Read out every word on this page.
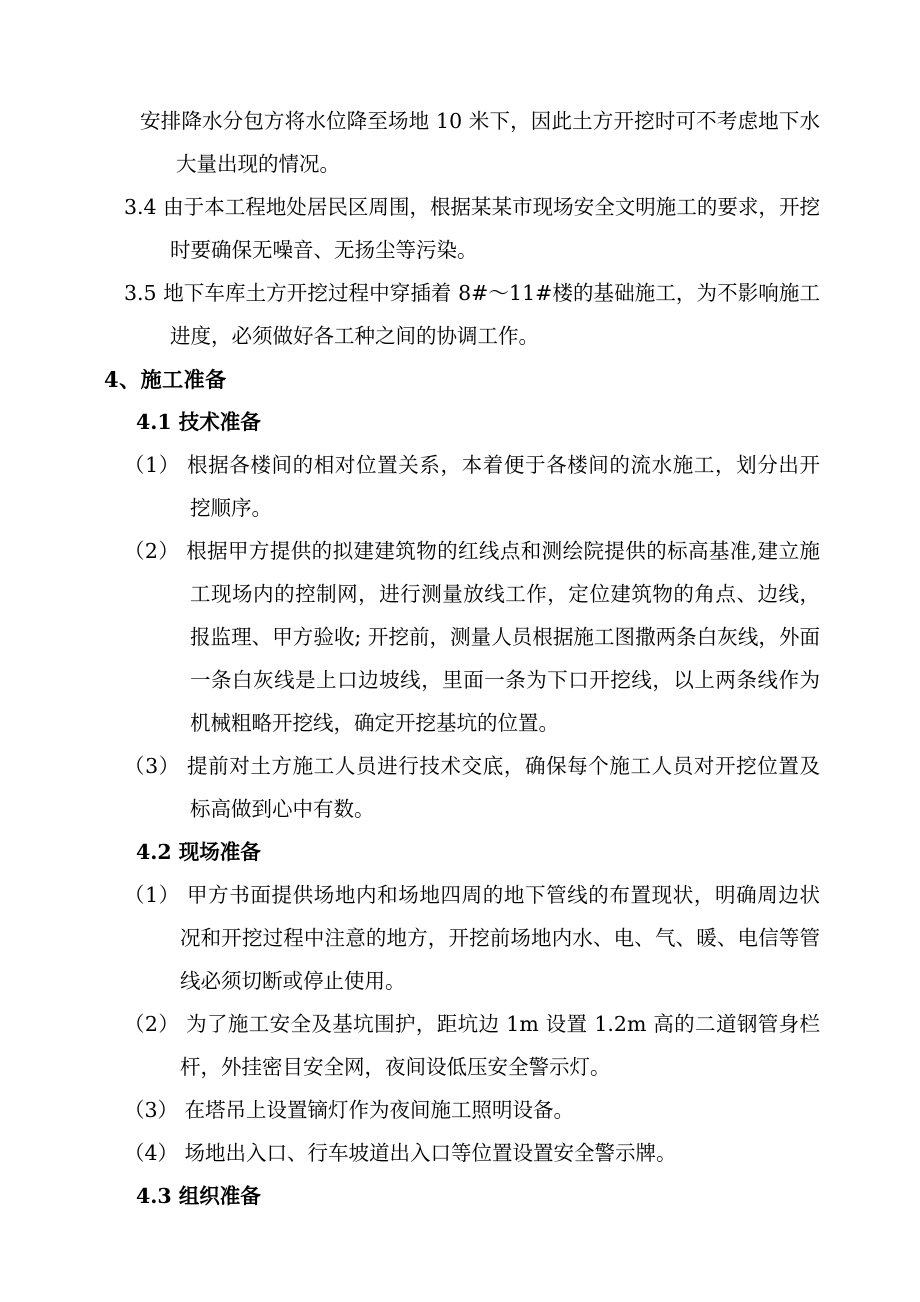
安排降水分包方将水位降至场地 10 米下，因此土方开挖时可不考虑地下水大量出现的情况。

3.4 由于本工程地处居民区周围，根据某某市现场安全文明施工的要求，开挖时要确保无噪音、无扬尘等污染。

3.5 地下车库土方开挖过程中穿插着 8#～11#楼的基础施工，为不影响施工进度，必须做好各工种之间的协调工作。

4、施工准备

4.1 技术准备

（1） 根据各楼间的相对位置关系，本着便于各楼间的流水施工，划分出开挖顺序。

（2） 根据甲方提供的拟建建筑物的红线点和测绘院提供的标高基准,建立施工现场内的控制网，进行测量放线工作，定位建筑物的角点、边线，报监理、甲方验收; 开挖前，测量人员根据施工图撒两条白灰线，外面一条白灰线是上口边坡线，里面一条为下口开挖线，以上两条线作为机械粗略开挖线，确定开挖基坑的位置。

（3） 提前对土方施工人员进行技术交底，确保每个施工人员对开挖位置及标高做到心中有数。

4.2 现场准备

（1） 甲方书面提供场地内和场地四周的地下管线的布置现状，明确周边状况和开挖过程中注意的地方，开挖前场地内水、电、气、暖、电信等管线必须切断或停止使用。

（2） 为了施工安全及基坑围护，距坑边 1m 设置 1.2m 高的二道钢管身栏杆，外挂密目安全网，夜间设低压安全警示灯。

（3） 在塔吊上设置镝灯作为夜间施工照明设备。

（4） 场地出入口、行车坡道出入口等位置设置安全警示牌。

4.3 组织准备
